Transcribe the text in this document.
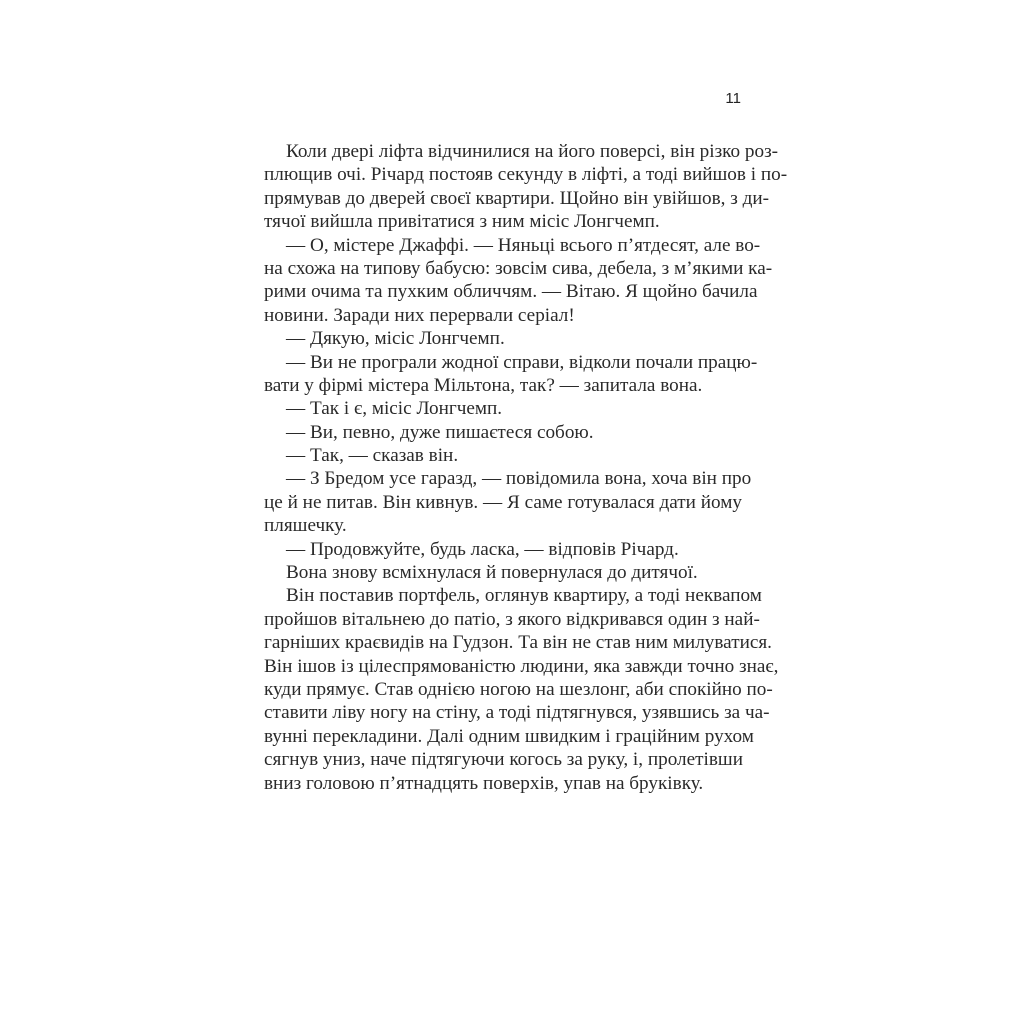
11
Коли двері ліфта відчинилися на його поверсі, він різко роз-
плющив очі. Річард постояв секунду в ліфті, а тоді вийшов і по-
прямував до дверей своєї квартири. Щойно він увійшов, з ди-
тячої вийшла привітатися з ним місіс Лонгчемп.
— О, містере Джаффі. — Няньці всього п’ятдесят, але во-
на схожа на типову бабусю: зовсім сива, дебела, з м’якими ка-
рими очима та пухким обличчям. — Вітаю. Я щойно бачила
новини. Заради них перервали серіал!
— Дякую, місіс Лонгчемп.
— Ви не програли жодної справи, відколи почали працю-
вати у фірмі містера Мільтона, так? — запитала вона.
— Так і є, місіс Лонгчемп.
— Ви, певно, дуже пишаєтеся собою.
— Так, — сказав він.
— З Бредом усе гаразд, — повідомила вона, хоча він про
це й не питав. Він кивнув. — Я саме готувалася дати йому
пляшечку.
— Продовжуйте, будь ласка, — відповів Річард.
Вона знову всміхнулася й повернулася до дитячої.
Він поставив портфель, оглянув квартиру, а тоді неквапом
пройшов вітальнею до патіо, з якого відкривався один з най-
гарніших краєвидів на Гудзон. Та він не став ним милуватися.
Він ішов із цілеспрямованістю людини, яка завжди точно знає,
куди прямує. Став однією ногою на шезлонг, аби спокійно по-
ставити ліву ногу на стіну, а тоді підтягнувся, узявшись за ча-
вунні перекладини. Далі одним швидким і граційним рухом
сягнув униз, наче підтягуючи когось за руку, і, пролетівши
вниз головою п’ятнадцять поверхів, упав на бруківку.
